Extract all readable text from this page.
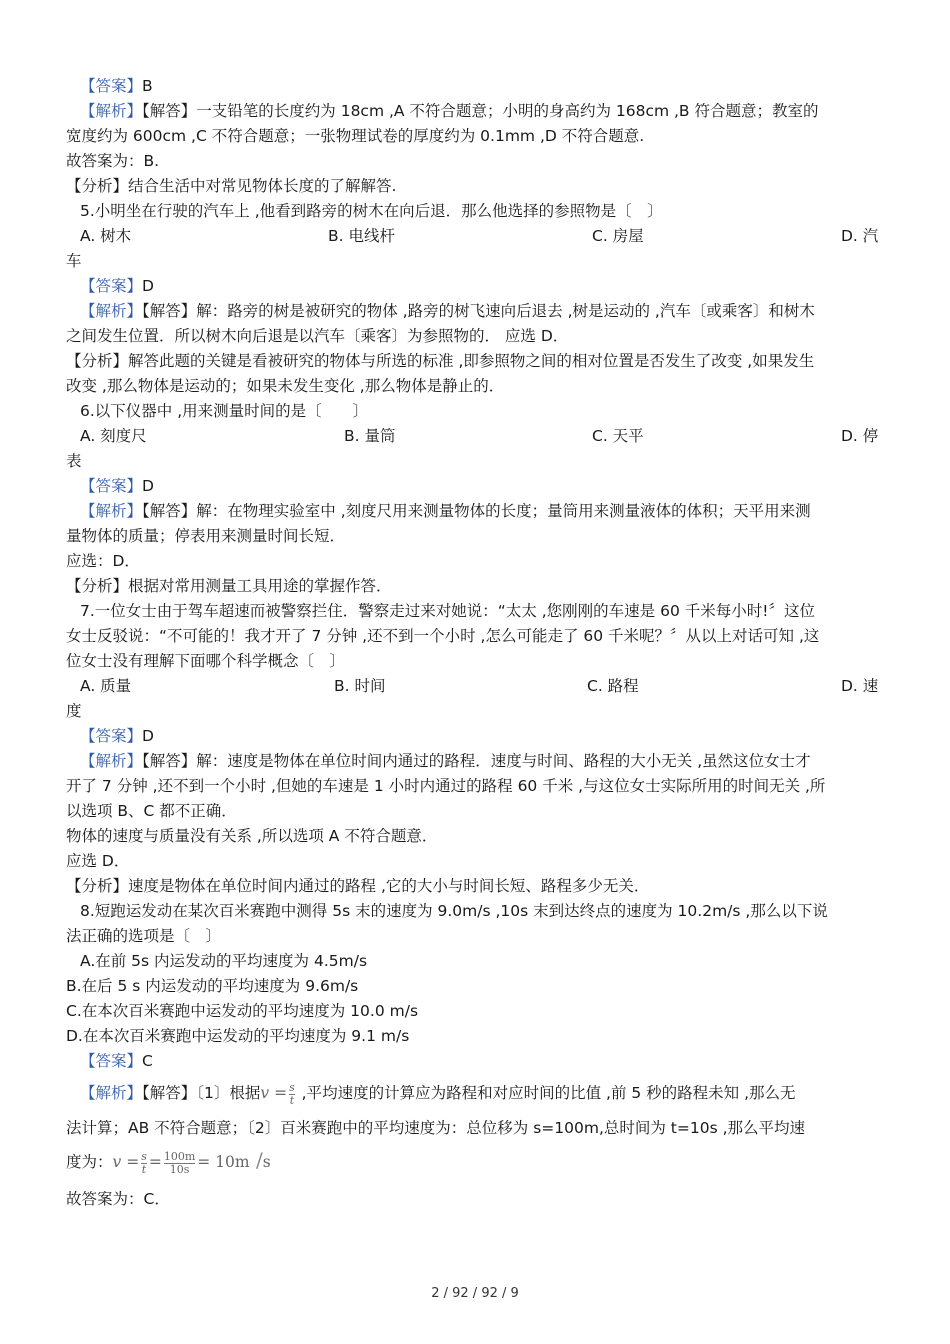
【答案】B
【解析】【解答】一支铅笔的长度约为 18cm ,A 不符合题意；小明的身高约为 168cm ,B 符合题意；教室的
宽度约为 600cm ,C 不符合题意；一张物理试卷的厚度约为 0.1mm ,D 不符合题意.
故答案为：B.
【分析】结合生活中对常见物体长度的了解解答.
5.小明坐在行驶的汽车上 ,他看到路旁的树木在向后退．那么他选择的参照物是〔　〕
A. 树木	B. 电线杆	C. 房屋	D. 汽
车
【答案】D
【解析】【解答】解：路旁的树是被研究的物体 ,路旁的树飞速向后退去 ,树是运动的 ,汽车〔或乘客〕和树木
之间发生位置．所以树木向后退是以汽车〔乘客〕为参照物的． 应选 D．
【分析】解答此题的关键是看被研究的物体与所选的标准 ,即参照物之间的相对位置是否发生了改变 ,如果发生
改变 ,那么物体是运动的；如果未发生变化 ,那么物体是静止的．
6.以下仪器中 ,用来测量时间的是〔　　〕
A. 刻度尺	B. 量筒	C. 天平	D. 停
表
【答案】D
【解析】【解答】解：在物理实验室中 ,刻度尺用来测量物体的长度；量筒用来测量液体的体积；天平用来测
量物体的质量；停表用来测量时间长短．
应选：D．
【分析】根据对常用测量工具用途的掌握作答．
7.一位女士由于驾车超速而被警察拦住．警察走过来对她说：“太太 ,您刚刚的车速是 60 千米每小时!〞这位
女士反驳说：“不可能的！我才开了 7 分钟 ,还不到一个小时 ,怎么可能走了 60 千米呢？〞从以上对话可知 ,这
位女士没有理解下面哪个科学概念〔　〕
A. 质量	B. 时间	C. 路程	D. 速
度
【答案】D
【解析】【解答】解：速度是物体在单位时间内通过的路程．速度与时间、路程的大小无关 ,虽然这位女士才
开了 7 分钟 ,还不到一个小时 ,但她的车速是 1 小时内通过的路程 60 千米 ,与这位女士实际所用的时间无关 ,所
以选项 B、C 都不正确．
物体的速度与质量没有关系 ,所以选项 A 不符合题意．
应选 D．
【分析】速度是物体在单位时间内通过的路程 ,它的大小与时间长短、路程多少无关．
8.短跑运发动在某次百米赛跑中测得 5s 末的速度为 9.0m/s ,10s 末到达终点的速度为 10.2m/s ,那么以下说
法正确的选项是〔　〕
A.在前 5s 内运发动的平均速度为 4.5m/s
B.在后 5 s 内运发动的平均速度为 9.6m/s
C.在本次百米赛跑中运发动的平均速度为 10.0 m/s
D.在本次百米赛跑中运发动的平均速度为 9.1 m/s
【答案】C
【解析】【解答】〔1〕根据$v = \frac{s}{t}$ ,平均速度的计算应为路程和对应时间的比值 ,前 5 秒的路程未知 ,那么无
法计算；AB 不符合题意；〔2〕百米赛跑中的平均速度为：总位移为 s=100m,总时间为 t=10s ,那么平均速
度为：$v = \frac{s}{t} = \frac{100m}{10s} = 10m$ /s
故答案为：C．
2 / 92 / 92 / 9
